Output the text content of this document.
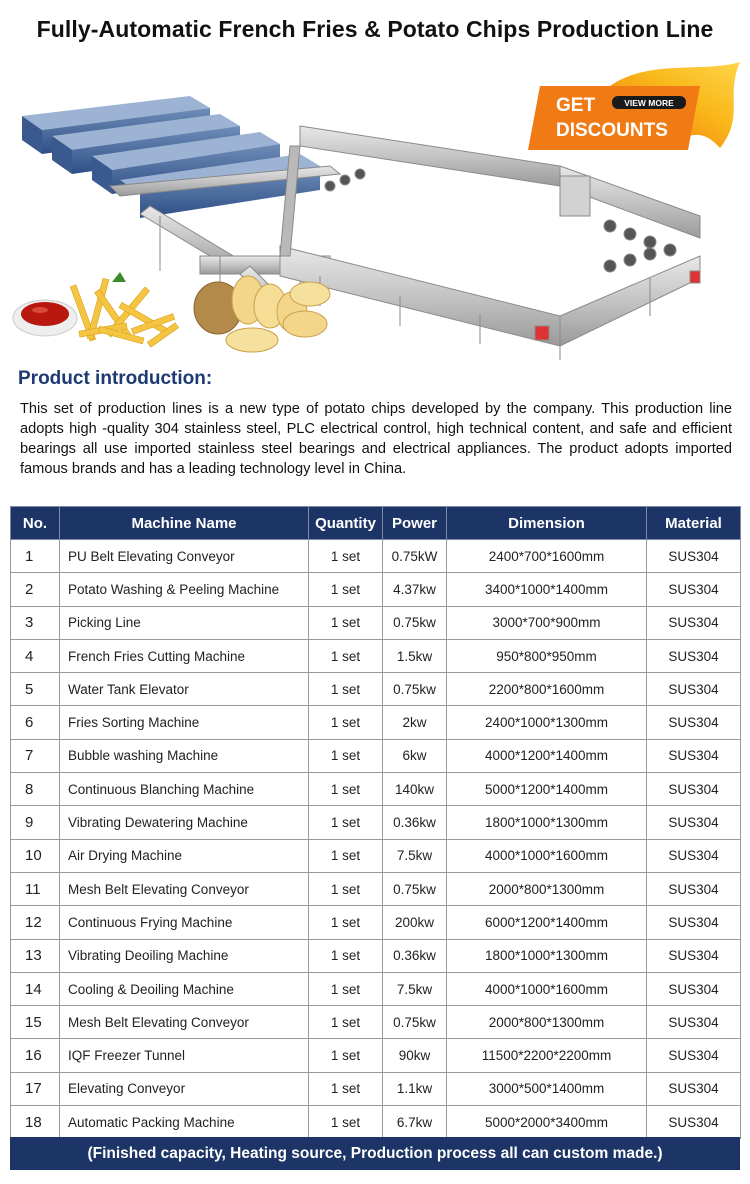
Fully-Automatic French Fries & Potato Chips Production Line
GET
DISCOUNTS
VIEW MORE
Product introduction:
This set of production lines is a new type of potato chips developed by the company. This production line adopts high -quality 304 stainless steel, PLC electrical control, high technical content, and safe and efficient bearings all use imported stainless steel bearings and electrical appliances. The product adopts imported famous brands and has a leading technology level in China.
No.	Machine Name	Quantity	Power	Dimension	Material
1	PU Belt Elevating Conveyor	1 set	0.75kW	2400*700*1600mm	SUS304
2	Potato Washing & Peeling Machine	1 set	4.37kw	3400*1000*1400mm	SUS304
3	Picking Line	1 set	0.75kw	3000*700*900mm	SUS304
4	French Fries Cutting Machine	1 set	1.5kw	950*800*950mm	SUS304
5	Water Tank Elevator	1 set	0.75kw	2200*800*1600mm	SUS304
6	Fries Sorting Machine	1 set	2kw	2400*1000*1300mm	SUS304
7	Bubble washing Machine	1 set	6kw	4000*1200*1400mm	SUS304
8	Continuous Blanching Machine	1 set	140kw	5000*1200*1400mm	SUS304
9	Vibrating Dewatering Machine	1 set	0.36kw	1800*1000*1300mm	SUS304
10	Air Drying Machine	1 set	7.5kw	4000*1000*1600mm	SUS304
11	Mesh Belt Elevating Conveyor	1 set	0.75kw	2000*800*1300mm	SUS304
12	Continuous Frying Machine	1 set	200kw	6000*1200*1400mm	SUS304
13	Vibrating Deoiling Machine	1 set	0.36kw	1800*1000*1300mm	SUS304
14	Cooling & Deoiling Machine	1 set	7.5kw	4000*1000*1600mm	SUS304
15	Mesh Belt Elevating Conveyor	1 set	0.75kw	2000*800*1300mm	SUS304
16	IQF Freezer Tunnel	1 set	90kw	11500*2200*2200mm	SUS304
17	Elevating Conveyor	1 set	1.1kw	3000*500*1400mm	SUS304
18	Automatic Packing Machine	1 set	6.7kw	5000*2000*3400mm	SUS304
(Finished capacity, Heating source, Production process all can custom made.)
